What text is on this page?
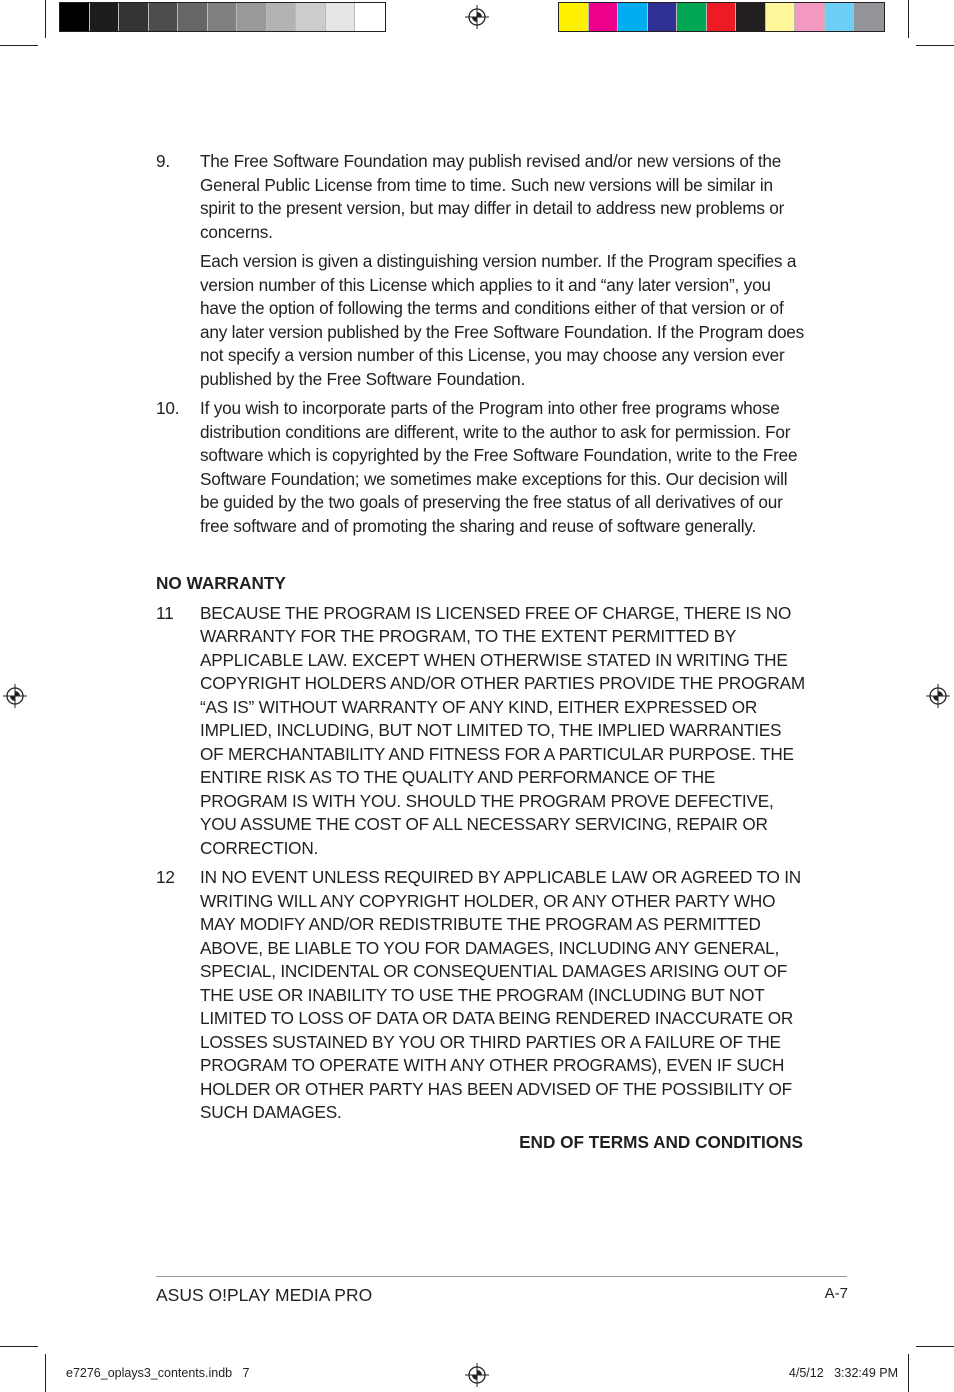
9. The Free Software Foundation may publish revised and/or new versions of the General Public License from time to time. Such new versions will be similar in spirit to the present version, but may differ in detail to address new problems or concerns.

Each version is given a distinguishing version number. If the Program specifies a version number of this License which applies to it and “any later version”, you have the option of following the terms and conditions either of that version or of any later version published by the Free Software Foundation. If the Program does not specify a version number of this License, you may choose any version ever published by the Free Software Foundation.

10. If you wish to incorporate parts of the Program into other free programs whose distribution conditions are different, write to the author to ask for permission. For software which is copyrighted by the Free Software Foundation, write to the Free Software Foundation; we sometimes make exceptions for this. Our decision will be guided by the two goals of preserving the free status of all derivatives of our free software and of promoting the sharing and reuse of software generally.

NO WARRANTY
11 BECAUSE THE PROGRAM IS LICENSED FREE OF CHARGE, THERE IS NO WARRANTY FOR THE PROGRAM, TO THE EXTENT PERMITTED BY APPLICABLE LAW. EXCEPT WHEN OTHERWISE STATED IN WRITING THE COPYRIGHT HOLDERS AND/OR OTHER PARTIES PROVIDE THE PROGRAM “AS IS” WITHOUT WARRANTY OF ANY KIND, EITHER EXPRESSED OR IMPLIED, INCLUDING, BUT NOT LIMITED TO, THE IMPLIED WARRANTIES OF MERCHANTABILITY AND FITNESS FOR A PARTICULAR PURPOSE. THE ENTIRE RISK AS TO THE QUALITY AND PERFORMANCE OF THE PROGRAM IS WITH YOU. SHOULD THE PROGRAM PROVE DEFECTIVE, YOU ASSUME THE COST OF ALL NECESSARY SERVICING, REPAIR OR CORRECTION.

12 IN NO EVENT UNLESS REQUIRED BY APPLICABLE LAW OR AGREED TO IN WRITING WILL ANY COPYRIGHT HOLDER, OR ANY OTHER PARTY WHO MAY MODIFY AND/OR REDISTRIBUTE THE PROGRAM AS PERMITTED ABOVE, BE LIABLE TO YOU FOR DAMAGES, INCLUDING ANY GENERAL, SPECIAL, INCIDENTAL OR CONSEQUENTIAL DAMAGES ARISING OUT OF THE USE OR INABILITY TO USE THE PROGRAM (INCLUDING BUT NOT LIMITED TO LOSS OF DATA OR DATA BEING RENDERED INACCURATE OR LOSSES SUSTAINED BY YOU OR THIRD PARTIES OR A FAILURE OF THE PROGRAM TO OPERATE WITH ANY OTHER PROGRAMS), EVEN IF SUCH HOLDER OR OTHER PARTY HAS BEEN ADVISED OF THE POSSIBILITY OF SUCH DAMAGES.

END OF TERMS AND CONDITIONS
ASUS O!PLAY MEDIA PRO	A-7
e7276_oplays3_contents.indb   7	4/5/12   3:32:49 PM
